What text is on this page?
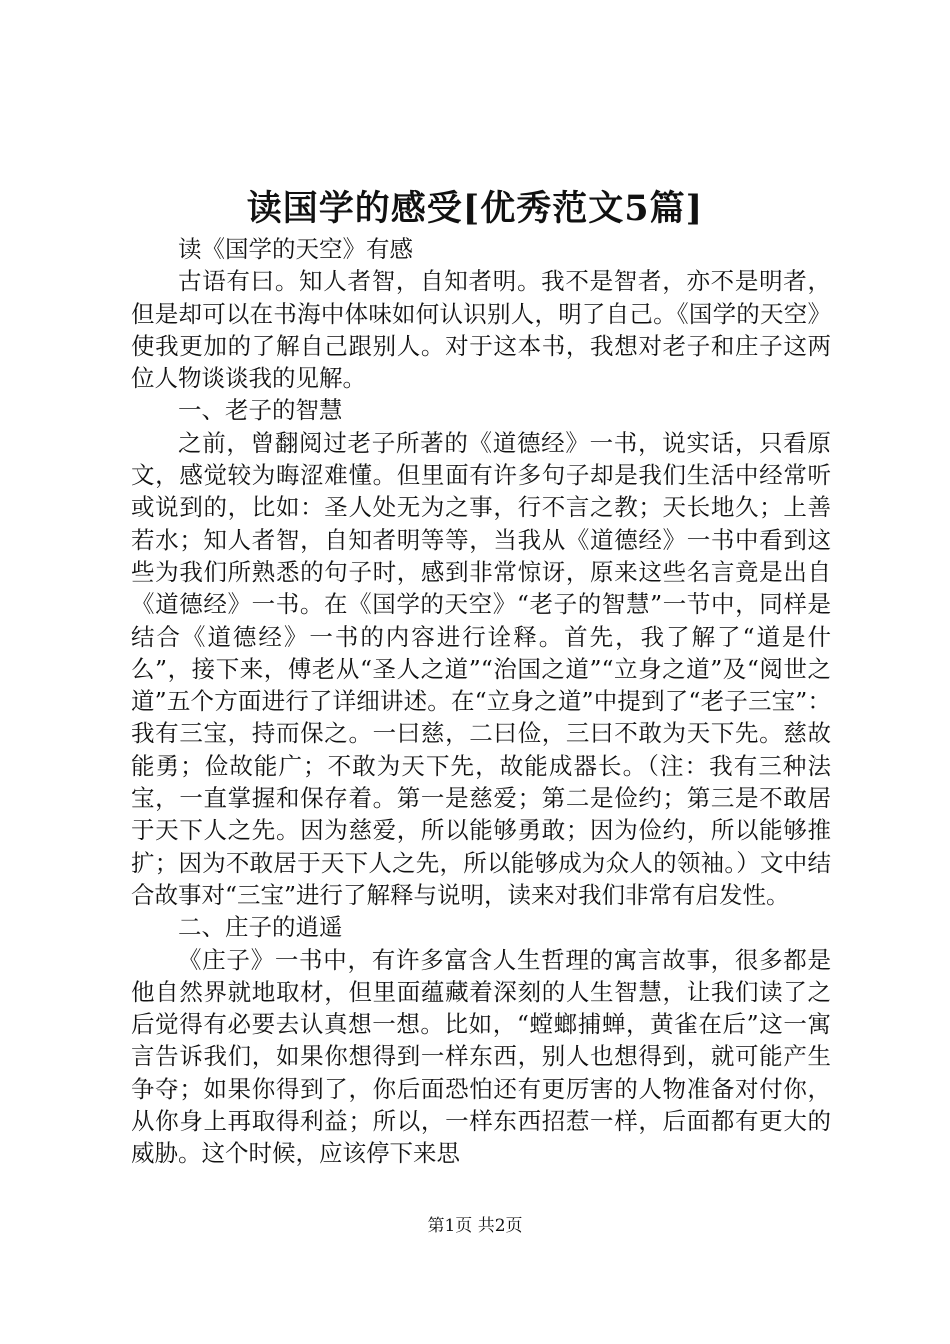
读国学的感受[优秀范文5篇]

读《国学的天空》有感

古语有曰。知人者智，自知者明。我不是智者，亦不是明者，但是却可以在书海中体味如何认识别人，明了自己。《国学的天空》使我更加的了解自己跟别人。对于这本书，我想对老子和庄子这两位人物谈谈我的见解。

一、老子的智慧

之前，曾翻阅过老子所著的《道德经》一书，说实话，只看原文，感觉较为晦涩难懂。但里面有许多句子却是我们生活中经常听或说到的，比如：圣人处无为之事，行不言之教；天长地久；上善若水；知人者智，自知者明等等，当我从《道德经》一书中看到这些为我们所熟悉的句子时，感到非常惊讶，原来这些名言竟是出自《道德经》一书。在《国学的天空》“老子的智慧”一节中，同样是结合《道德经》一书的内容进行诠释。首先，我了解了“道是什么”，接下来，傅老从“圣人之道”“治国之道”“立身之道”及“阅世之道”五个方面进行了详细讲述。在“立身之道”中提到了“老子三宝”：我有三宝，持而保之。一曰慈，二曰俭，三曰不敢为天下先。慈故能勇；俭故能广；不敢为天下先，故能成器长。（注：我有三种法宝，一直掌握和保存着。第一是慈爱；第二是俭约；第三是不敢居于天下人之先。因为慈爱，所以能够勇敢；因为俭约，所以能够推扩；因为不敢居于天下人之先，所以能够成为众人的领袖。）文中结合故事对“三宝”进行了解释与说明，读来对我们非常有启发性。

二、庄子的逍遥

《庄子》一书中，有许多富含人生哲理的寓言故事，很多都是他自然界就地取材，但里面蕴藏着深刻的人生智慧，让我们读了之后觉得有必要去认真想一想。比如，“螳螂捕蝉，黄雀在后”这一寓言告诉我们，如果你想得到一样东西，别人也想得到，就可能产生争夺；如果你得到了，你后面恐怕还有更厉害的人物准备对付你，从你身上再取得利益；所以，一样东西招惹一样，后面都有更大的威胁。这个时候，应该停下来思

第1页 共2页
